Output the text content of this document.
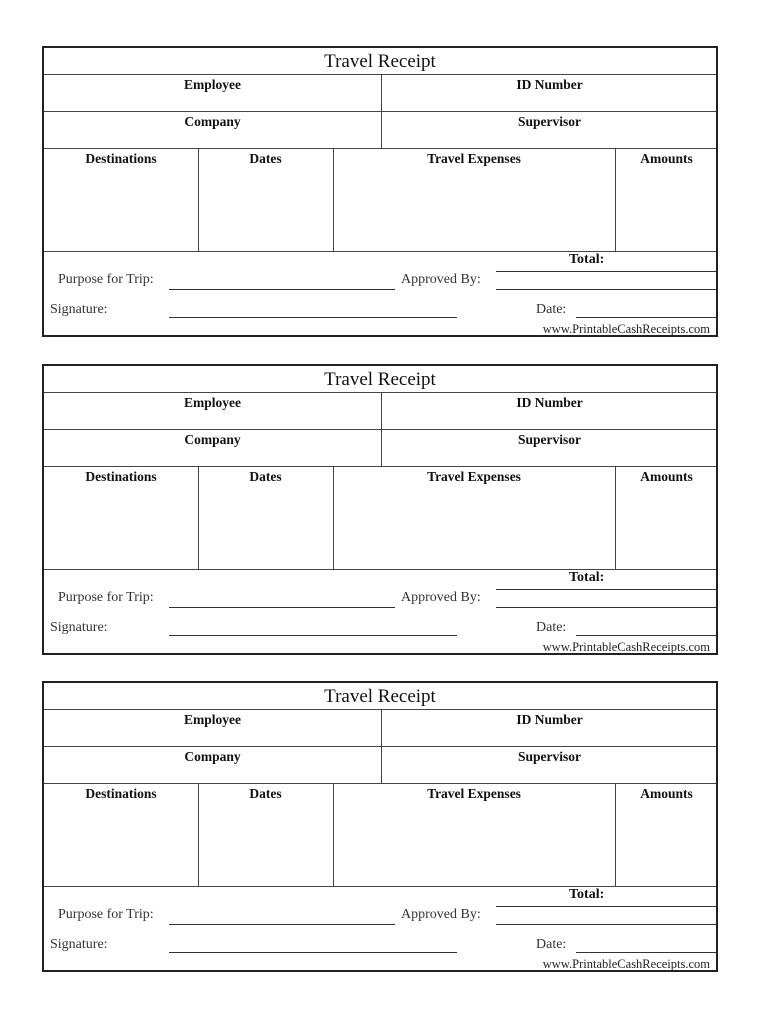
Travel Receipt
Employee	ID Number
Company	Supervisor
Destinations	Dates	Travel Expenses	Amounts
Total:
Purpose for Trip:	Approved By:
Signature:	Date:
www.PrintableCashReceipts.com
Travel Receipt
Employee	ID Number
Company	Supervisor
Destinations	Dates	Travel Expenses	Amounts
Total:
Purpose for Trip:	Approved By:
Signature:	Date:
www.PrintableCashReceipts.com
Travel Receipt
Employee	ID Number
Company	Supervisor
Destinations	Dates	Travel Expenses	Amounts
Total:
Purpose for Trip:	Approved By:
Signature:	Date:
www.PrintableCashReceipts.com
